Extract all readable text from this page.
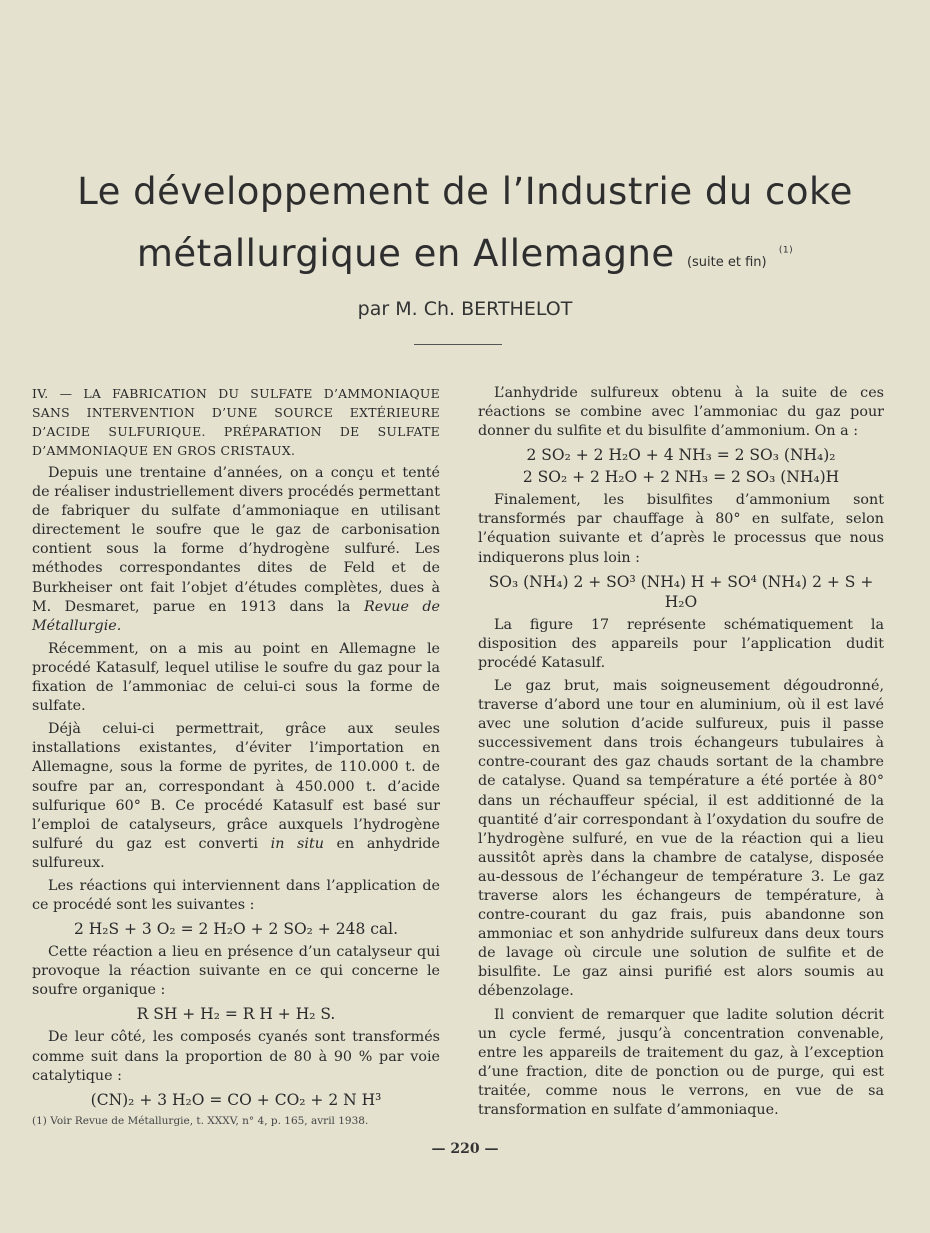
Le développement de l’Industrie du coke
métallurgique en Allemagne (suite et fin) $^{(1)}$
par M. Ch. BERTHELOT

IV. — LA FABRICATION DU SULFATE D’AMMONIAQUE SANS INTERVENTION D’UNE SOURCE EXTÉRIEURE D’ACIDE SULFURIQUE. PRÉPARATION DE SULFATE D’AMMONIAQUE EN GROS CRISTAUX.

Depuis une trentaine d’années, on a conçu et tenté de réaliser industriellement divers procédés permettant de fabriquer du sulfate d’ammoniaque en utilisant directement le soufre que le gaz de carbonisation contient sous la forme d’hydrogène sulfuré. Les méthodes correspondantes dites de Feld et de Burkheiser ont fait l’objet d’études complètes, dues à M. Desmaret, parue en 1913 dans la Revue de Métallurgie.

Récemment, on a mis au point en Allemagne le procédé Katasulf, lequel utilise le soufre du gaz pour la fixation de l’ammoniac de celui-ci sous la forme de sulfate.

Déjà celui-ci permettrait, grâce aux seules installations existantes, d’éviter l’importation en Allemagne, sous la forme de pyrites, de 110.000 t. de soufre par an, correspondant à 450.000 t. d’acide sulfurique 60° B. Ce procédé Katasulf est basé sur l’emploi de catalyseurs, grâce auxquels l’hydrogène sulfuré du gaz est converti in situ en anhydride sulfureux.

Les réactions qui interviennent dans l’application de ce procédé sont les suivantes :

2 H₂S + 3 O₂ = 2 H₂O + 2 SO₂ + 248 cal.

Cette réaction a lieu en présence d’un catalyseur qui provoque la réaction suivante en ce qui concerne le soufre organique :

R SH + H₂ = R H + H₂ S.

De leur côté, les composés cyanés sont transformés comme suit dans la proportion de 80 à 90 % par voie catalytique :

(CN)₂ + 3 H₂O = CO + CO₂ + 2 N H³

(1) Voir Revue de Métallurgie, t. XXXV, n° 4, p. 165, avril 1938.

L’anhydride sulfureux obtenu à la suite de ces réactions se combine avec l’ammoniac du gaz pour donner du sulfite et du bisulfite d’ammonium. On a :

2 SO₂ + 2 H₂O + 4 NH₃ = 2 SO₃ (NH₄)₂

2 SO₂ + 2 H₂O + 2 NH₃ = 2 SO₃ (NH₄)H

Finalement, les bisulfites d’ammonium sont transformés par chauffage à 80° en sulfate, selon l’équation suivante et d’après le processus que nous indiquerons plus loin :

SO₃ (NH₄) 2 + SO³ (NH₄) H + SO⁴ (NH₄) 2 + S + H₂O

La figure 17 représente schématiquement la disposition des appareils pour l’application dudit procédé Katasulf.

Le gaz brut, mais soigneusement dégoudronné, traverse d’abord une tour en aluminium, où il est lavé avec une solution d’acide sulfureux, puis il passe successivement dans trois échangeurs tubulaires à contre-courant des gaz chauds sortant de la chambre de catalyse. Quand sa température a été portée à 80° dans un réchauffeur spécial, il est additionné de la quantité d’air correspondant à l’oxydation du soufre de l’hydrogène sulfuré, en vue de la réaction qui a lieu aussitôt après dans la chambre de catalyse, disposée au-dessous de l’échangeur de température 3. Le gaz traverse alors les échangeurs de température, à contre-courant du gaz frais, puis abandonne son ammoniac et son anhydride sulfureux dans deux tours de lavage où circule une solution de sulfite et de bisulfite. Le gaz ainsi purifié est alors soumis au débenzolage.

Il convient de remarquer que ladite solution décrit un cycle fermé, jusqu’à concentration convenable, entre les appareils de traitement du gaz, à l’exception d’une fraction, dite de ponction ou de purge, qui est traitée, comme nous le verrons, en vue de sa transformation en sulfate d’ammoniaque.

— 220 —
